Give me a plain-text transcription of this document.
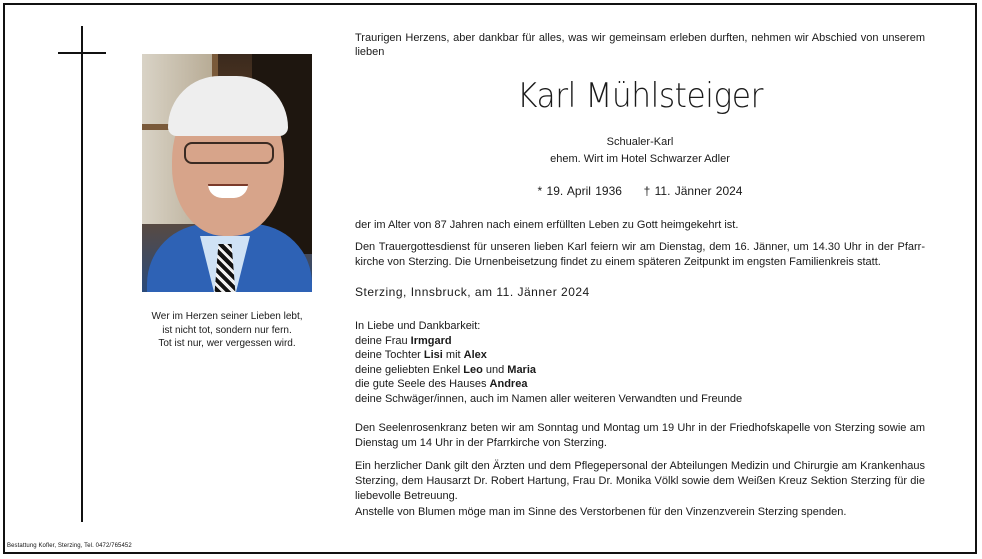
Wer im Herzen seiner Lieben lebt,
ist nicht tot, sondern nur fern.
Tot ist nur, wer vergessen wird.
Bestattung Kofler, Sterzing, Tel. 0472/765452
Traurigen Herzens, aber dankbar für alles, was wir gemeinsam erleben durften, nehmen wir Abschied von unserem lieben
Karl Mühlsteiger
Schualer-Karl
ehem. Wirt im Hotel Schwarzer Adler
* 19. April 1936 † 11. Jänner 2024
der im Alter von 87 Jahren nach einem erfüllten Leben zu Gott heimgekehrt ist.
Den Trauergottesdienst für unseren lieben Karl feiern wir am Dienstag, dem 16. Jänner, um 14.30 Uhr in der Pfarrkirche von Sterzing. Die Urnenbeisetzung findet zu einem späteren Zeitpunkt im engsten Familienkreis statt.
Sterzing, Innsbruck, am 11. Jänner 2024
In Liebe und Dankbarkeit:
deine Frau Irmgard
deine Tochter Lisi mit Alex
deine geliebten Enkel Leo und Maria
die gute Seele des Hauses Andrea
deine Schwäger/innen, auch im Namen aller weiteren Verwandten und Freunde
Den Seelenrosenkranz beten wir am Sonntag und Montag um 19 Uhr in der Friedhofskapelle von Sterzing sowie am Dienstag um 14 Uhr in der Pfarrkirche von Sterzing.
Ein herzlicher Dank gilt den Ärzten und dem Pflegepersonal der Abteilungen Medizin und Chirurgie am Krankenhaus Sterzing, dem Hausarzt Dr. Robert Hartung, Frau Dr. Monika Völkl sowie dem Weißen Kreuz Sektion Sterzing für die liebevolle Betreuung.
Anstelle von Blumen möge man im Sinne des Verstorbenen für den Vinzenzverein Sterzing spenden.
